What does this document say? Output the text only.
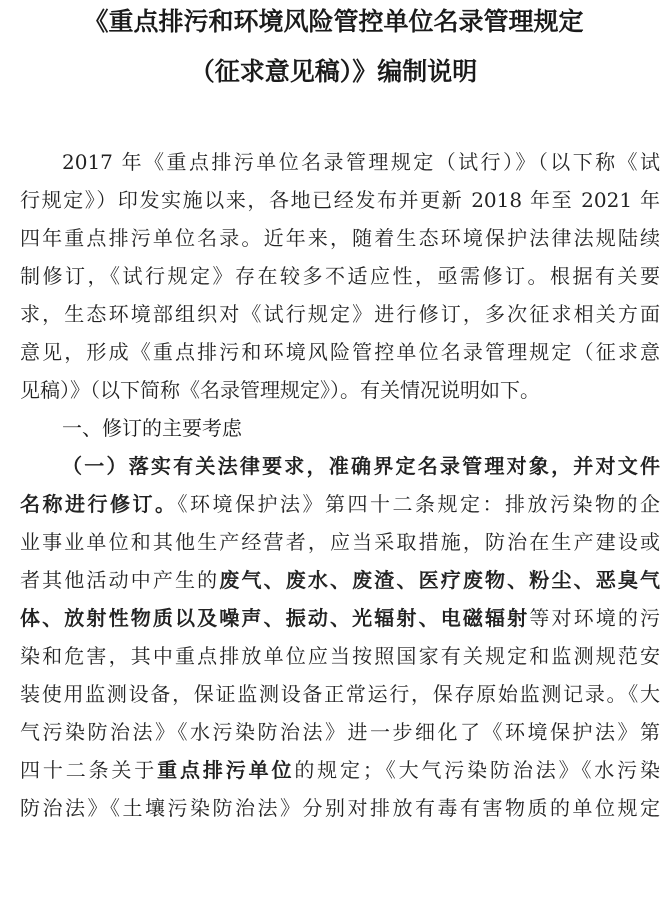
《重点排污和环境风险管控单位名录管理规定
（征求意见稿）》编制说明
2017 年《重点排污单位名录管理规定（试行）》（以下称《试
行规定》）印发实施以来，各地已经发布并更新 2018 年至 2021 年
四年重点排污单位名录。近年来，随着生态环境保护法律法规陆续
制修订，《试行规定》存在较多不适应性，亟需修订。根据有关要
求，生态环境部组织对《试行规定》进行修订，多次征求相关方面
意见，形成《重点排污和环境风险管控单位名录管理规定（征求意
见稿）》（以下简称《名录管理规定》）。有关情况说明如下。
一、修订的主要考虑
（一）落实有关法律要求，准确界定名录管理对象，并对文件
名称进行修订。《环境保护法》第四十二条规定：排放污染物的企
业事业单位和其他生产经营者，应当采取措施，防治在生产建设或
者其他活动中产生的废气、废水、废渣、医疗废物、粉尘、恶臭气
体、放射性物质以及噪声、振动、光辐射、电磁辐射等对环境的污
染和危害，其中重点排放单位应当按照国家有关规定和监测规范安
装使用监测设备，保证监测设备正常运行，保存原始监测记录。《大
气污染防治法》《水污染防治法》进一步细化了《环境保护法》第
四十二条关于重点排污单位的规定；《大气污染防治法》《水污染
防治法》《土壤污染防治法》分别对排放有毒有害物质的单位规定
